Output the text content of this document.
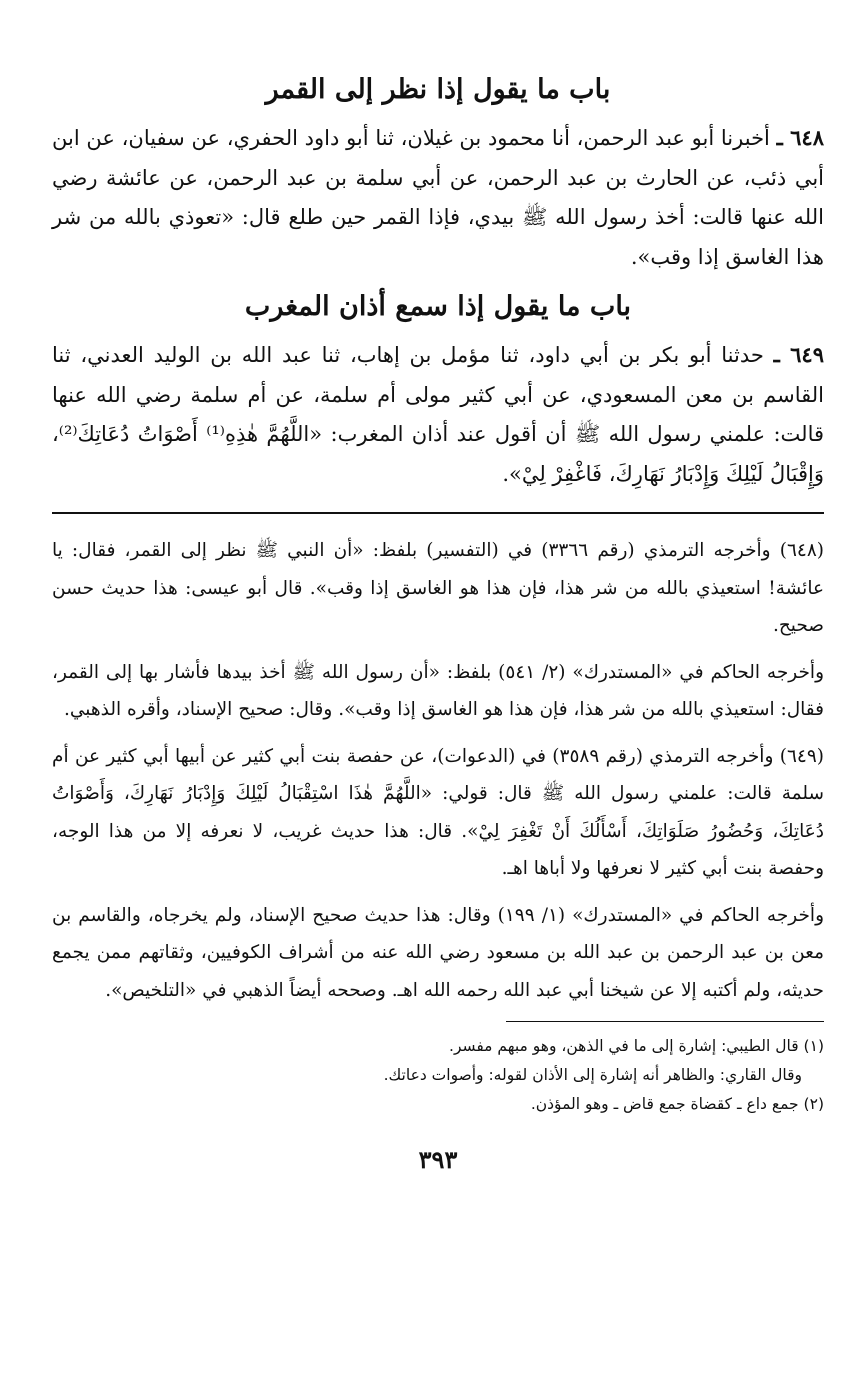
باب ما يقول إذا نظر إلى القمر

٦٤٨ ـ أخبرنا أبو عبد الرحمن، أنا محمود بن غيلان، ثنا أبو داود الحفري، عن سفيان، عن ابن أبي ذئب، عن الحارث بن عبد الرحمن، عن أبي سلمة بن عبد الرحمن، عن عائشة رضي الله عنها قالت: أخذ رسول الله ﷺ بيدي، فإذا القمر حين طلع قال: «تعوذي بالله من شر هذا الغاسق إذا وقب».

باب ما يقول إذا سمع أذان المغرب

٦٤٩ ـ حدثنا أبو بكر بن أبي داود، ثنا مؤمل بن إهاب، ثنا عبد الله بن الوليد العدني، ثنا القاسم بن معن المسعودي، عن أبي كثير مولى أم سلمة، عن أم سلمة رضي الله عنها قالت: علمني رسول الله ﷺ أن أقول عند أذان المغرب: «اللَّهُمَّ هٰذِهِ⁽¹⁾ أَصْوَاتُ دُعَاتِكَ⁽²⁾، وَإِقْبَالُ لَيْلِكَ وَإِدْبَارُ نَهَارِكَ، فَاغْفِرْ لِيْ».

(٦٤٨) وأخرجه الترمذي (رقم ٣٣٦٦) في (التفسير) بلفظ: «أن النبي ﷺ نظر إلى القمر، فقال: يا عائشة! استعيذي بالله من شر هذا، فإن هذا هو الغاسق إذا وقب». قال أبو عيسى: هذا حديث حسن صحيح.

وأخرجه الحاكم في «المستدرك» (٢/ ٥٤١) بلفظ: «أن رسول الله ﷺ أخذ بيدها فأشار بها إلى القمر، فقال: استعيذي بالله من شر هذا، فإن هذا هو الغاسق إذا وقب». وقال: صحيح الإسناد، وأقره الذهبي.

(٦٤٩) وأخرجه الترمذي (رقم ٣٥٨٩) في (الدعوات)، عن حفصة بنت أبي كثير عن أبيها أبي كثير عن أم سلمة قالت: علمني رسول الله ﷺ قال: قولي: «اللَّهُمَّ هٰذَا اسْتِقْبَالُ لَيْلِكَ وَإِدْبَارُ نَهَارِكَ، وَأَصْوَاتُ دُعَاتِكَ، وَحُضُورُ صَلَوَاتِكَ، أَسْأَلُكَ أَنْ تَغْفِرَ لِيْ». قال: هذا حديث غريب، لا نعرفه إلا من هذا الوجه، وحفصة بنت أبي كثير لا نعرفها ولا أباها اهـ.

وأخرجه الحاكم في «المستدرك» (١/ ١٩٩) وقال: هذا حديث صحيح الإسناد، ولم يخرجاه، والقاسم بن معن بن عبد الرحمن بن عبد الله بن مسعود رضي الله عنه من أشراف الكوفيين، وثقاتهم ممن يجمع حديثه، ولم أكتبه إلا عن شيخنا أبي عبد الله رحمه الله اهـ. وصححه أيضاً الذهبي في «التلخيص».

(١) قال الطيبي: إشارة إلى ما في الذهن، وهو مبهم مفسر.

وقال القاري: والظاهر أنه إشارة إلى الأذان لقوله: وأصوات دعاتك.

(٢) جمع داع ـ كقضاة جمع قاض ـ وهو المؤذن.

٣٩٣
